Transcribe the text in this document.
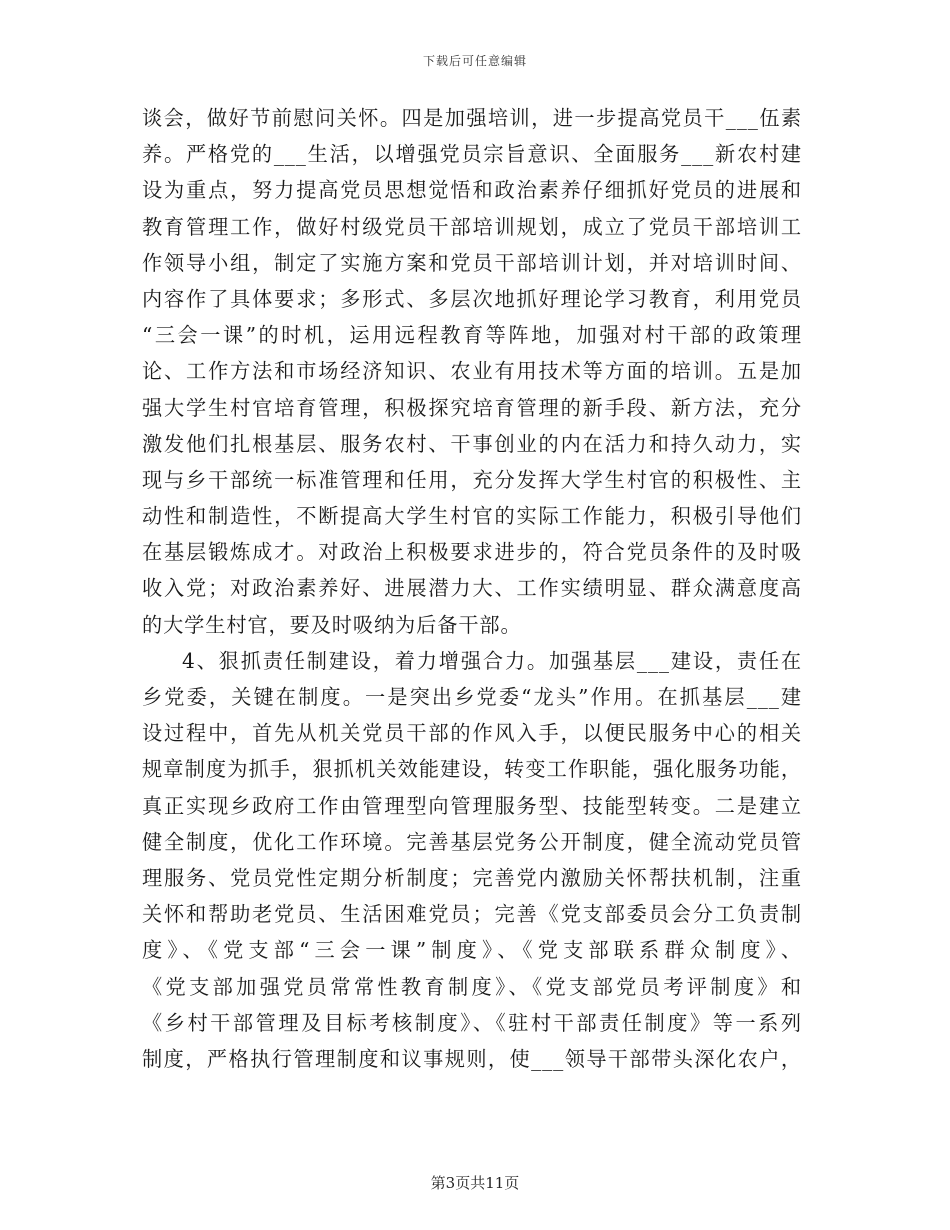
下载后可任意编辑
谈会，做好节前慰问关怀。四是加强培训，进一步提高党员干___伍素
养。严格党的___生活，以增强党员宗旨意识、全面服务___新农村建
设为重点，努力提高党员思想觉悟和政治素养仔细抓好党员的进展和
教育管理工作，做好村级党员干部培训规划，成立了党员干部培训工
作领导小组，制定了实施方案和党员干部培训计划，并对培训时间、
内容作了具体要求；多形式、多层次地抓好理论学习教育，利用党员
“三会一课”的时机，运用远程教育等阵地，加强对村干部的政策理
论、工作方法和市场经济知识、农业有用技术等方面的培训。五是加
强大学生村官培育管理，积极探究培育管理的新手段、新方法，充分
激发他们扎根基层、服务农村、干事创业的内在活力和持久动力，实
现与乡干部统一标准管理和任用，充分发挥大学生村官的积极性、主
动性和制造性，不断提高大学生村官的实际工作能力，积极引导他们
在基层锻炼成才。对政治上积极要求进步的，符合党员条件的及时吸
收入党；对政治素养好、进展潜力大、工作实绩明显、群众满意度高
的大学生村官，要及时吸纳为后备干部。
4、狠抓责任制建设，着力增强合力。加强基层___建设，责任在
乡党委，关键在制度。一是突出乡党委“龙头”作用。在抓基层___建
设过程中，首先从机关党员干部的作风入手，以便民服务中心的相关
规章制度为抓手，狠抓机关效能建设，转变工作职能，强化服务功能，
真正实现乡政府工作由管理型向管理服务型、技能型转变。二是建立
健全制度，优化工作环境。完善基层党务公开制度，健全流动党员管
理服务、党员党性定期分析制度；完善党内激励关怀帮扶机制，注重
关怀和帮助老党员、生活困难党员；完善《党支部委员会分工负责制
度》、《党支部“三会一课”制度》、《党支部联系群众制度》、
《党支部加强党员常常性教育制度》、《党支部党员考评制度》和
《乡村干部管理及目标考核制度》、《驻村干部责任制度》等一系列
制度，严格执行管理制度和议事规则，使___领导干部带头深化农户，
第3页共11页
